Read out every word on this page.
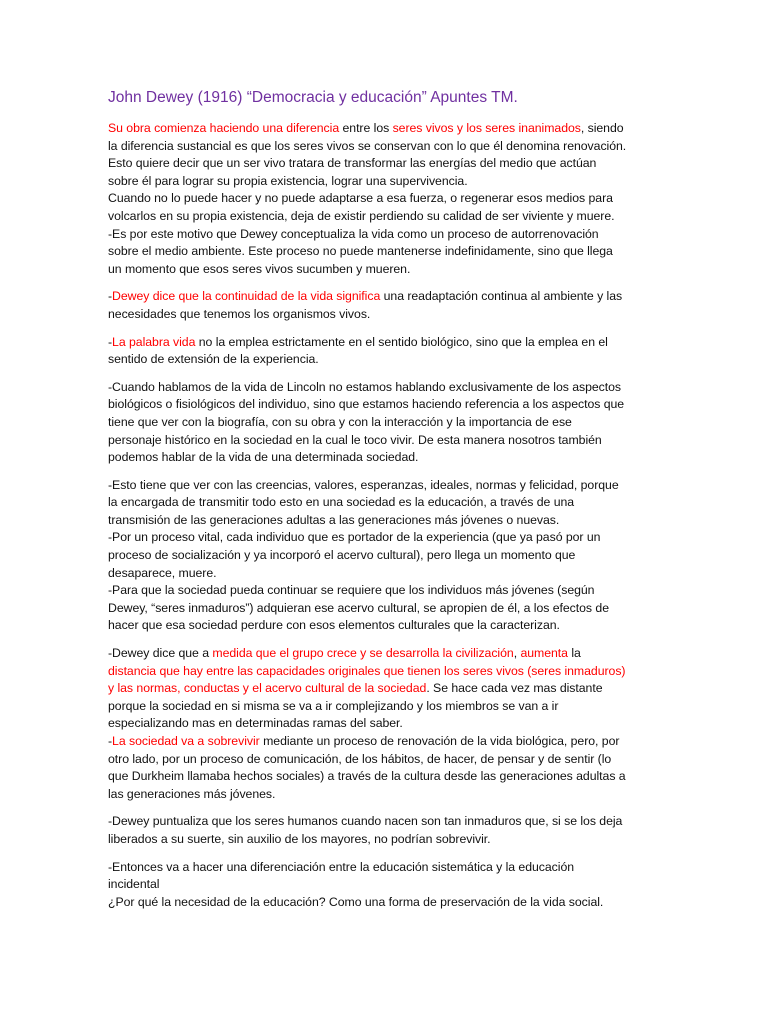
John Dewey (1916) “Democracia y educación” Apuntes TM.

Su obra comienza haciendo una diferencia entre los seres vivos y los seres inanimados, siendo
la diferencia sustancial es que los seres vivos se conservan con lo que él denomina renovación.
Esto quiere decir que un ser vivo tratara de transformar las energías del medio que actúan
sobre él para lograr su propia existencia, lograr una supervivencia.
Cuando no lo puede hacer y no puede adaptarse a esa fuerza, o regenerar esos medios para
volcarlos en su propia existencia, deja de existir perdiendo su calidad de ser viviente y muere.
-Es por este motivo que Dewey conceptualiza la vida como un proceso de autorrenovación
sobre el medio ambiente. Este proceso no puede mantenerse indefinidamente, sino que llega
un momento que esos seres vivos sucumben y mueren.

-Dewey dice que la continuidad de la vida significa una readaptación continua al ambiente y las
necesidades que tenemos los organismos vivos.

-La palabra vida no la emplea estrictamente en el sentido biológico, sino que la emplea en el
sentido de extensión de la experiencia.

-Cuando hablamos de la vida de Lincoln no estamos hablando exclusivamente de los aspectos
biológicos o fisiológicos del individuo, sino que estamos haciendo referencia a los aspectos que
tiene que ver con la biografía, con su obra y con la interacción y la importancia de ese
personaje histórico en la sociedad en la cual le toco vivir. De esta manera nosotros también
podemos hablar de la vida de una determinada sociedad.

-Esto tiene que ver con las creencias, valores, esperanzas, ideales, normas y felicidad, porque
la encargada de transmitir todo esto en una sociedad es la educación, a través de una
transmisión de las generaciones adultas a las generaciones más jóvenes o nuevas.
-Por un proceso vital, cada individuo que es portador de la experiencia (que ya pasó por un
proceso de socialización y ya incorporó el acervo cultural), pero llega un momento que
desaparece, muere.
-Para que la sociedad pueda continuar se requiere que los individuos más jóvenes (según
Dewey, “seres inmaduros”) adquieran ese acervo cultural, se apropien de él, a los efectos de
hacer que esa sociedad perdure con esos elementos culturales que la caracterizan.

-Dewey dice que a medida que el grupo crece y se desarrolla la civilización, aumenta la
distancia que hay entre las capacidades originales que tienen los seres vivos (seres inmaduros)
y las normas, conductas y el acervo cultural de la sociedad. Se hace cada vez mas distante
porque la sociedad en si misma se va a ir complejizando y los miembros se van a ir
especializando mas en determinadas ramas del saber.
-La sociedad va a sobrevivir mediante un proceso de renovación de la vida biológica, pero, por
otro lado, por un proceso de comunicación, de los hábitos, de hacer, de pensar y de sentir (lo
que Durkheim llamaba hechos sociales) a través de la cultura desde las generaciones adultas a
las generaciones más jóvenes.

-Dewey puntualiza que los seres humanos cuando nacen son tan inmaduros que, si se los deja
liberados a su suerte, sin auxilio de los mayores, no podrían sobrevivir.

-Entonces va a hacer una diferenciación entre la educación sistemática y la educación
incidental
¿Por qué la necesidad de la educación? Como una forma de preservación de la vida social.
